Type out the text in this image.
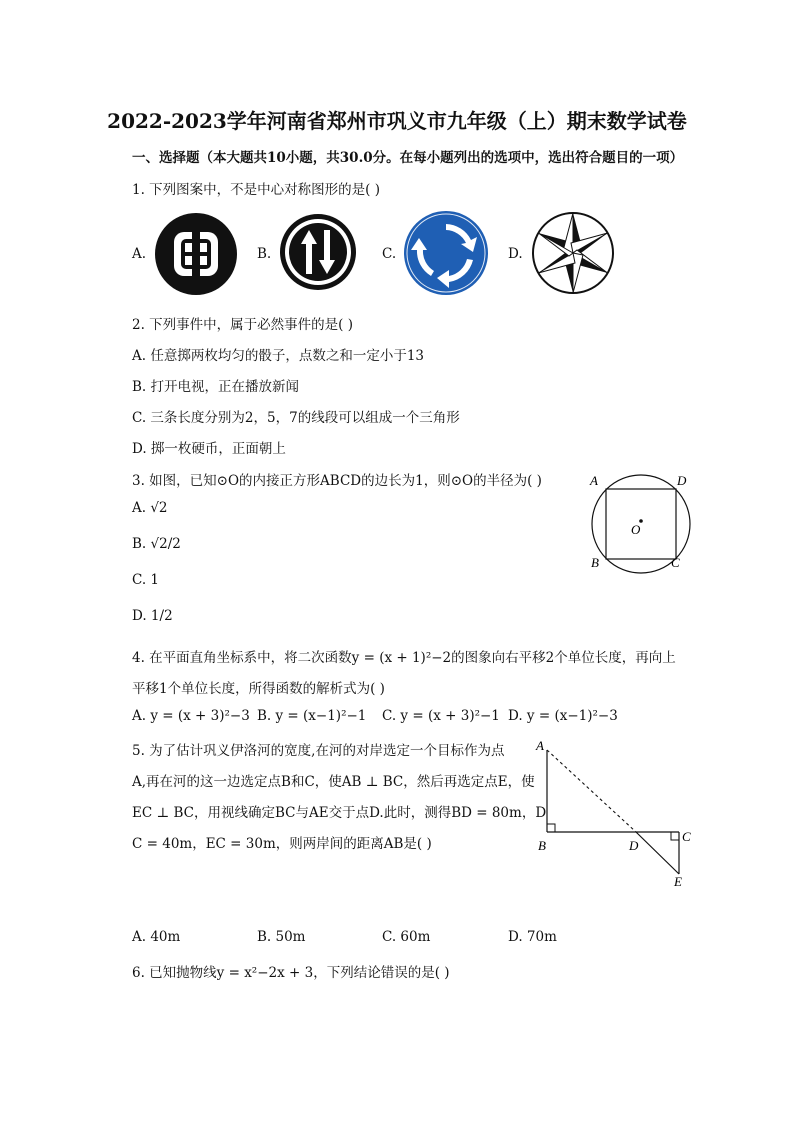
2022-2023学年河南省郑州市巩义市九年级（上）期末数学试卷
一、选择题（本大题共10小题，共30.0分。在每小题列出的选项中，选出符合题目的一项）
1. 下列图案中，不是中心对称图形的是( )
A.	B.	C.	D.
2. 下列事件中，属于必然事件的是( )
A. 任意掷两枚均匀的骰子，点数之和一定小于13
B. 打开电视，正在播放新闻
C. 三条长度分别为2，5，7的线段可以组成一个三角形
D. 掷一枚硬币，正面朝上
3. 如图，已知⊙O的内接正方形ABCD的边长为1，则⊙O的半径为( )
A. √2
B. √2/2
C. 1
D. 1/2
A	D
O
B	C
4. 在平面直角坐标系中，将二次函数y = (x + 1)²−2的图象向右平移2个单位长度，再向上
平移1个单位长度，所得函数的解析式为( )
A. y = (x + 3)²−3 B. y = (x−1)²−1 C. y = (x + 3)²−1 D. y = (x−1)²−3
5. 为了估计巩义伊洛河的宽度,在河的对岸选定一个目标作为点
A,再在河的这一边选定点B和C，使AB ⊥ BC，然后再选定点E，使
EC ⊥ BC，用视线确定BC与AE交于点D.此时，测得BD = 80m，D
C = 40m，EC = 30m，则两岸间的距离AB是( )
A
B	D
C
E
A. 40m	B. 50m	C. 60m	D. 70m
6. 已知抛物线y = x²−2x + 3，下列结论错误的是( )
